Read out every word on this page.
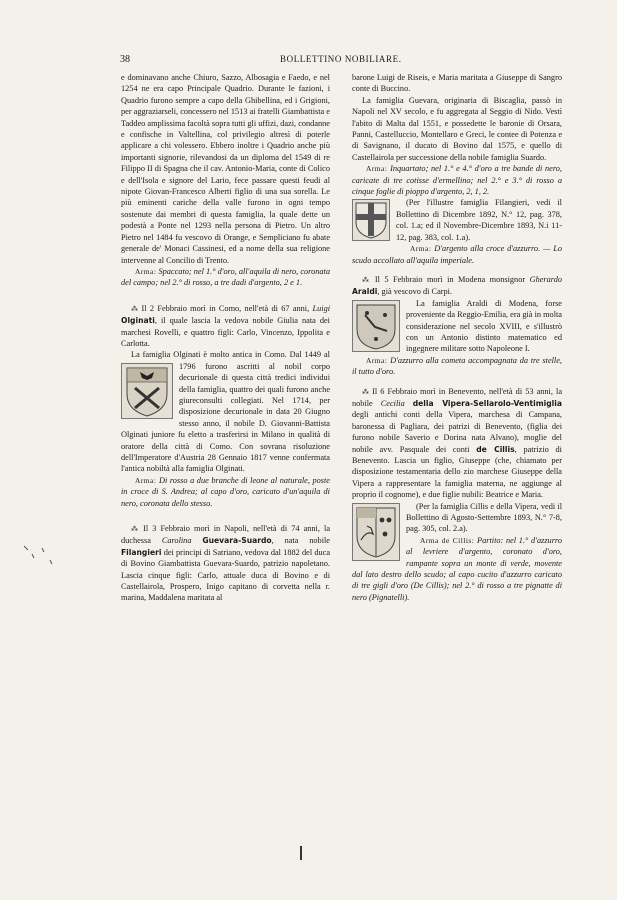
38	BOLLETTINO NOBILIARE.

e dominavano anche Chiuro, Sazzo, Albosagia e Faedo, e nel 1254 ne era capo Principale Quadrio. Durante le fazioni, i Quadrio furono sempre a capo della Ghibellina, ed i Grigioni, per aggraziarseli, concessero nel 1513 ai fratelli Giambattista e Taddeo amplissima facoltà sopra tutti gli uffizi, dazi, condanne e confische in Valtellina, col privilegio altresì di poterle applicare a chi volessero. Ebbero inoltre i Quadrio anche più importanti signorie, rilevandosi da un diploma del 1549 di re Filippo II di Spagna che il cav. Antonio-Maria, conte di Colico e dell'Isola e signore del Lario, fece passare questi feudi al nipote Giovan-Francesco Alberti figlio di una sua sorella. Le più eminenti cariche della valle furono in ogni tempo sostenute dai membri di questa famiglia, la quale dette un podestà a Ponte nel 1293 nella persona di Pietro. Un altro Pietro nel 1484 fu vescovo di Orange, e Sempliciano fu abate generale de' Monaci Cassinesi, ed a nome della sua religione intervenne al Concilio di Trento.

Arma: Spaccato; nel 1.° d'oro, all'aquila di nero, coronata del campo; nel 2.° di rosso, a tre dadi d'argento, 2 e 1.

⁂ Il 2 Febbraio morì in Como, nell'età di 67 anni, Luigi Olginati, il quale lascia la vedova nobile Giulia nata dei marchesi Rovelli, e quattro figli: Carlo, Vincenzo, Ippolita e Carlotta.

La famiglia Olginati è molto antica in Como. Dal 1449 al 1796 furono ascritti al nobil corpo
decurionale di questa città tredici individui della famiglia, quattro dei quali furono anche giureconsulti collegiati. Nel 1714, per disposizione decurionale in data 20 Giugno stesso anno, il nobile D. Giovanni-Battista Olginati juniore fu eletto a trasferirsi in Milano in qualità di oratore della città di Como. Con sovrana risoluzione dell'Imperatore d'Austria 28 Gennaio 1817 venne confermata l'antica nobiltà alla famiglia Olginati.

Arma: Di rosso a due branche di leone al naturale, poste in croce di S. Andrea; al capo d'oro, caricato d'un'aquila di nero, coronata dello stesso.

⁂ Il 3 Febbraio morì in Napoli, nell'età di 74 anni, la duchessa Carolina Guevara-Suardo, nata nobile Filangieri dei principi di Satriano, vedova dal 1882 del duca di Bovino Giambattista Guevara-Suardo, patrizio napoletano. Lascia cinque figli: Carlo, attuale duca di Bovino e di Castellairola, Prospero, Inigo capitano di corvetta nella r. marina, Maddalena maritata al

barone Luigi de Riseis, e Maria maritata a Giuseppe di Sangro conte di Buccino.

La famiglia Guevara, originaria di Biscaglia, passò in Napoli nel XV secolo, e fu aggregata al Seggio di Nido. Vestì l'abito di Malta dal 1551, e possedette le baronie di Orsara, Panni, Castelluccio, Montellaro e Greci, le contee di Potenza e di Savignano, il ducato di Bovino dal 1575, e quello di Castellairola per successione della nobile famiglia Suardo.

Arma: Inquartato; nel 1.° e 4.° d'oro a tre bande di nero, caricate di tre cotisse d'ermellino; nel 2.° e 3.° di rosso a cinque foglie di pioppo d'argento, 2, 1, 2.

(Per l'illustre famiglia Filangieri, vedi il Bollettino di Dicembre 1892, N.° 12, pag. 378, col. 1.a; ed il Novembre-Dicembre 1893, N.i 11-12, pag. 383, col. 1.a).

Arma: D'argento alla croce d'azzurro. — Lo scudo accollato all'aquila imperiale.

⁂ Il 5 Febbraio morì in Modena monsignor Gherardo Araldi, già vescovo di Carpi.

La famiglia Araldi di Modena, forse proveniente da Reggio-Emilia, era già in molta considerazione nel secolo XVIII, e s'illustrò con un Antonio distinto matematico ed ingegnere militare sotto Napoleone I.

Arma: D'azzurro alla cometa accompagnata da tre stelle, il tutto d'oro.

⁂ Il 6 Febbraio morì in Benevento, nell'età di 53 anni, la nobile Cecilia della Vipera-Sellarolo-Ventimiglia degli antichi conti della Vipera, marchesa di Campana, baronessa di Pagliara, dei patrizi di Benevento, (figlia dei furono nobile Saverio e Dorina nata Alvano), moglie del nobile avv. Pasquale dei conti de Cillis, patrizio di Benevento. Lascia un figlio, Giuseppe (che, chiamato per disposizione testamentaria dello zio marchese Giuseppe della Vipera a rappresentare la famiglia materna, ne aggiunge al proprio il cognome), e due figlie nubili: Beatrice e Maria.

(Per la famiglia Cillis e della Vipera, vedi il Bollettino di Agosto-Settembre 1893, N.° 7-8, pag. 305, col. 2.a).

Arma de Cillis: Partito: nel 1.° d'azzurro al levriere d'argento, coronato d'oro, rampante sopra un monte di verde, movente dal lato destro dello scudo; al capo cucito d'azzurro caricato di tre gigli d'oro (De Cillis); nel 2.° di rosso a tre pignatte di nero (Pignatelli).
